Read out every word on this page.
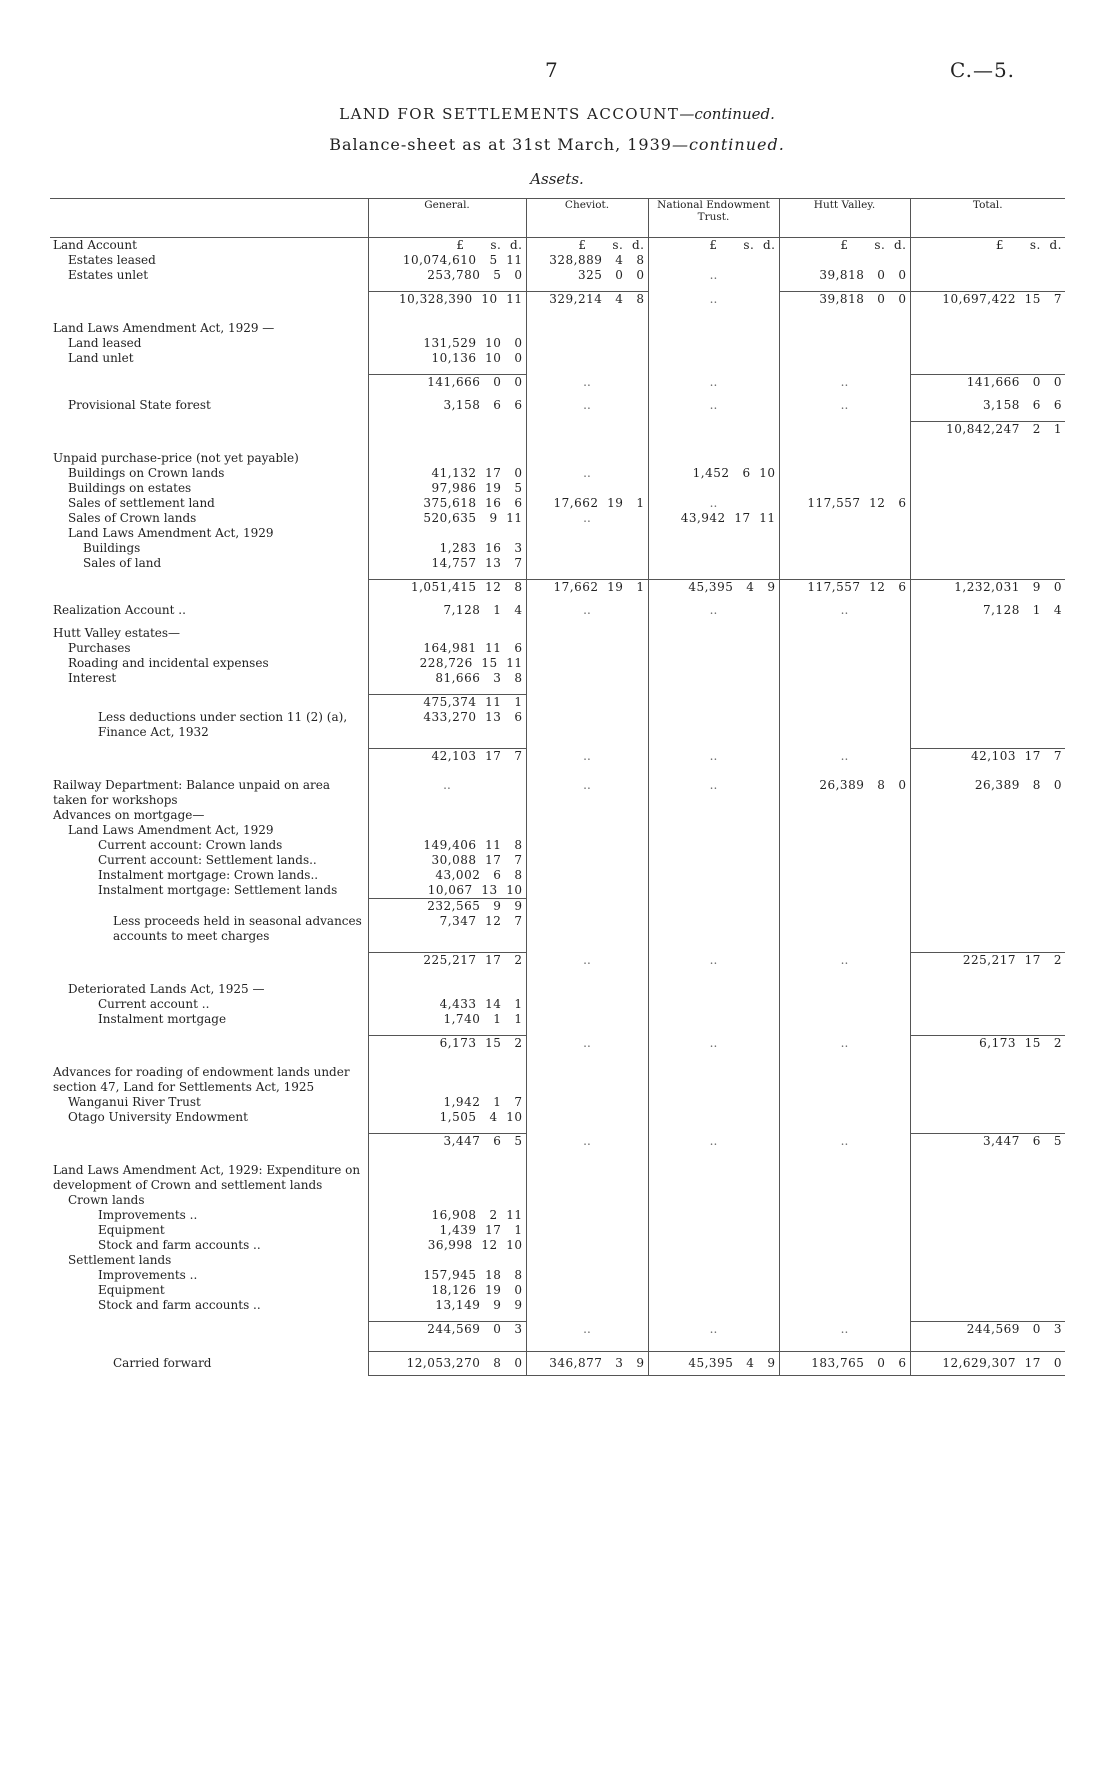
7	C.—5.
LAND FOR SETTLEMENTS ACCOUNT—continued.
Balance-sheet as at 31st March, 1939—continued.
Assets.
	General.	Cheviot.	National Endowment Trust.	Hutt Valley.	Total.
Land Account	£      s.  d.	£      s.  d.	£      s.  d.	£      s.  d.	£      s.  d.
Estates leased	10,074,610   5  11	328,889   4   8			
Estates unlet	253,780   5   0	325   0   0	..	39,818   0   0	

	10,328,390  10  11	329,214   4   8	..	39,818   0   0	10,697,422  15   7

Land Laws Amendment Act, 1929 —					
Land leased	131,529  10   0				
Land unlet	10,136  10   0				

	141,666   0   0	..	..	..	141,666   0   0

Provisional State forest	3,158   6   6	..	..	..	3,158   6   6

					10,842,247   2   1

Unpaid purchase-price (not yet payable)					
Buildings on Crown lands	41,132  17   0	..	1,452   6  10		
Buildings on estates	97,986  19   5				
Sales of settlement land	375,618  16   6	17,662  19   1	..	117,557  12   6	
Sales of Crown lands	520,635   9  11	..	43,942  17  11		
Land Laws Amendment Act, 1929					
Buildings	1,283  16   3				
Sales of land	14,757  13   7				

	1,051,415  12   8	17,662  19   1	45,395   4   9	117,557  12   6	1,232,031   9   0

Realization Account ..	7,128   1   4	..	..	..	7,128   1   4

Hutt Valley estates—					
Purchases	164,981  11   6				
Roading and incidental expenses	228,726  15  11				
Interest	81,666   3   8				

	475,374  11   1				
Less deductions under section 11 (2) (a), Finance Act, 1932	433,270  13   6				

	42,103  17   7	..	..	..	42,103  17   7

Railway Department: Balance unpaid on area taken for workshops	..	..	..	26,389   8   0	26,389   8   0
Advances on mortgage—					
Land Laws Amendment Act, 1929					
Current account: Crown lands	149,406  11   8				
Current account: Settlement lands..	30,088  17   7				
Instalment mortgage: Crown lands..	43,002   6   8				
Instalment mortgage: Settlement lands	10,067  13  10				
	232,565   9   9				
Less proceeds held in seasonal advances accounts to meet charges	7,347  12   7				

	225,217  17   2	..	..	..	225,217  17   2

Deteriorated Lands Act, 1925 —					
Current account ..	4,433  14   1				
Instalment mortgage	1,740   1   1				

	6,173  15   2	..	..	..	6,173  15   2

Advances for roading of endowment lands under section 47, Land for Settlements Act, 1925					
Wanganui River Trust	1,942   1   7				
Otago University Endowment	1,505   4  10				

	3,447   6   5	..	..	..	3,447   6   5

Land Laws Amendment Act, 1929: Expenditure on development of Crown and settlement lands					
Crown lands					
Improvements ..	16,908   2  11				
Equipment	1,439  17   1				
Stock and farm accounts ..	36,998  12  10				
Settlement lands					
Improvements ..	157,945  18   8				
Equipment	18,126  19   0				
Stock and farm accounts ..	13,149   9   9				

	244,569   0   3	..	..	..	244,569   0   3

Carried forward	12,053,270   8   0	346,877   3   9	45,395   4   9	183,765   0   6	12,629,307  17   0
